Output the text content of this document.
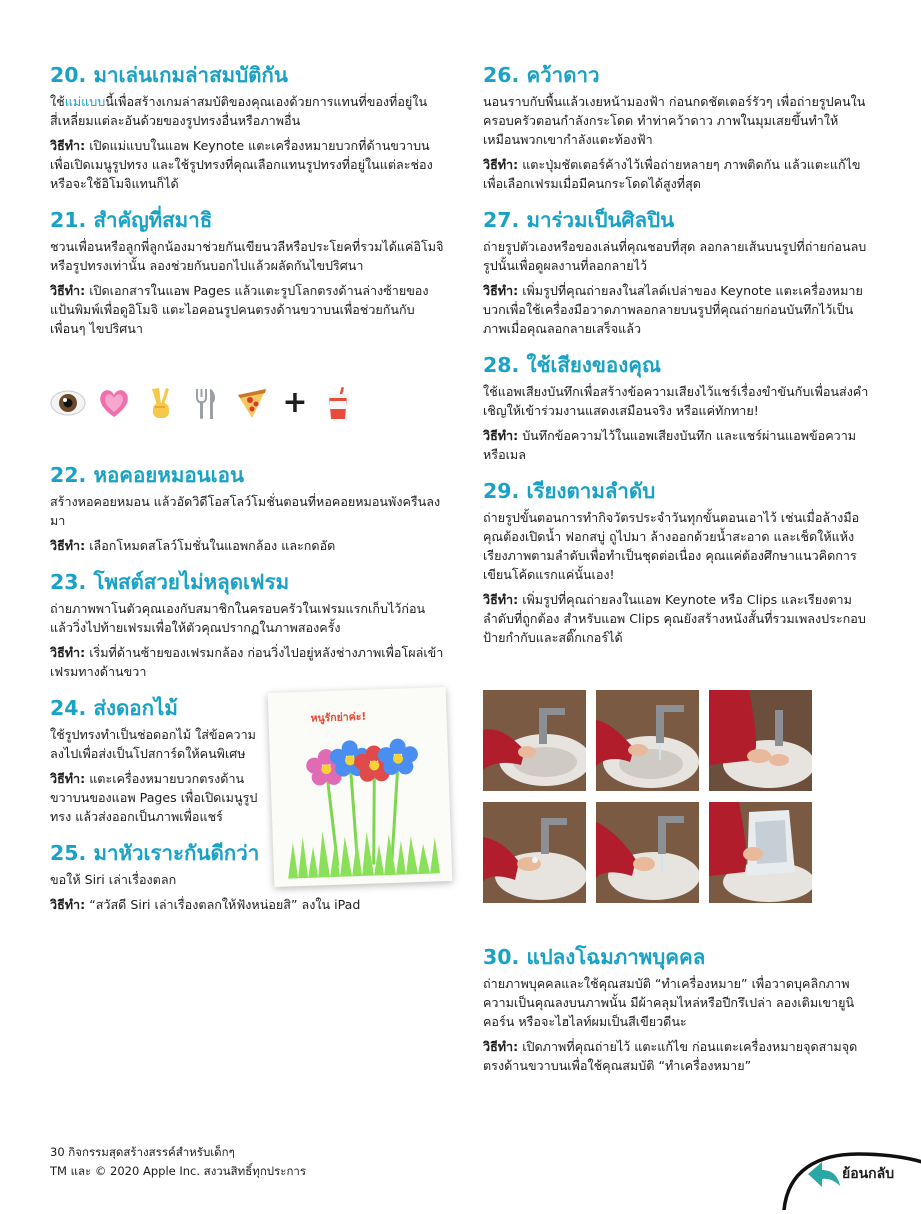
20. มาเล่นเกมล่าสมบัติกัน

ใช้แม่แบบนี้เพื่อสร้างเกมล่าสมบัติของคุณเองด้วยการแทนที่ของที่อยู่ในสี่เหลี่ยมแต่ละอันด้วยของรูปทรงอื่นหรือภาพอื่น

วิธีทำ: เปิดแม่แบบในแอพ Keynote แตะเครื่องหมายบวกที่ด้านขวาบนเพื่อเปิดเมนูรูปทรง และใช้รูปทรงที่คุณเลือกแทนรูปทรงที่อยู่ในแต่ละช่องหรือจะใช้อิโมจิแทนก็ได้

21. สำคัญที่สมาธิ

ชวนเพื่อนหรือลูกพี่ลูกน้องมาช่วยกันเขียนวลีหรือประโยคที่รวมได้แค่อิโมจิหรือรูปทรงเท่านั้น ลองช่วยกันบอกไปแล้วผลัดกันไขปริศนา

วิธีทำ: เปิดเอกสารในแอพ Pages แล้วแตะรูปโลกตรงด้านล่างซ้ายของแป้นพิมพ์เพื่อดูอิโมจิ แตะไอคอนรูปคนตรงด้านขวาบนเพื่อช่วยกันกับเพื่อนๆ ไขปริศนา

22. หอคอยหมอนเอน

สร้างหอคอยหมอน แล้วอัดวิดีโอสโลว์โมชั่นตอนที่หอคอยหมอนพังครืนลงมา

วิธีทำ: เลือกโหมดสโลว์โมชั่นในแอพกล้อง และกดอัด

23. โพสต์สวยไม่หลุดเฟรม

ถ่ายภาพพาโนตัวคุณเองกับสมาชิกในครอบครัวในเฟรมแรกเก็บไว้ก่อน แล้ววิ่งไปท้ายเฟรมเพื่อให้ตัวคุณปรากฏในภาพสองครั้ง

วิธีทำ: เริ่มที่ด้านซ้ายของเฟรมกล้อง ก่อนวิ่งไปอยู่หลังช่างภาพเพื่อโผล่เข้าเฟรมทางด้านขวา

24. ส่งดอกไม้

ใช้รูปทรงทำเป็นช่อดอกไม้ ใส่ข้อความลงไปเพื่อส่งเป็นโปสการ์ดให้คนพิเศษ

วิธีทำ: แตะเครื่องหมายบวกตรงด้านขวาบนของแอพ Pages เพื่อเปิดเมนูรูปทรง แล้วส่งออกเป็นภาพเพื่อแชร์

25. มาหัวเราะกันดีกว่า

ขอให้ Siri เล่าเรื่องตลก

วิธีทำ: “สวัสดี Siri เล่าเรื่องตลกให้ฟังหน่อยสิ” ลงใน iPad

+
หนูรักย่าค่ะ!
26. คว้าดาว

นอนราบกับพื้นแล้วเงยหน้ามองฟ้า ก่อนกดชัตเตอร์รัวๆ เพื่อถ่ายรูปคนในครอบครัวตอนกำลังกระโดด ทำท่าคว้าดาว ภาพในมุมเสยขึ้นทำให้เหมือนพวกเขากำลังแตะท้องฟ้า

วิธีทำ: แตะปุ่มชัตเตอร์ค้างไว้เพื่อถ่ายหลายๆ ภาพติดกัน แล้วแตะแก้ไขเพื่อเลือกเฟรมเมื่อมีคนกระโดดได้สูงที่สุด

27. มาร่วมเป็นศิลปิน

ถ่ายรูปตัวเองหรือของเล่นที่คุณชอบที่สุด ลอกลายเส้นบนรูปที่ถ่ายก่อนลบรูปนั้นเพื่อดูผลงานที่ลอกลายไว้

วิธีทำ: เพิ่มรูปที่คุณถ่ายลงในสไลด์เปล่าของ Keynote แตะเครื่องหมายบวกเพื่อใช้เครื่องมือวาดภาพลอกลายบนรูปที่คุณถ่ายก่อนบันทึกไว้เป็นภาพเมื่อคุณลอกลายเสร็จแล้ว

28. ใช้เสียงของคุณ

ใช้แอพเสียงบันทึกเพื่อสร้างข้อความเสียงไว้แชร์เรื่องขำขันกับเพื่อนส่งคำเชิญให้เข้าร่วมงานแสดงเสมือนจริง หรือแค่ทักทาย!

วิธีทำ: บันทึกข้อความไว้ในแอพเสียงบันทึก และแชร์ผ่านแอพข้อความหรือเมล

29. เรียงตามลำดับ

ถ่ายรูปขั้นตอนการทำกิจวัตรประจำวันทุกขั้นตอนเอาไว้ เช่นเมื่อล้างมือ คุณต้องเปิดน้ำ ฟอกสบู่ ถูไปมา ล้างออกด้วยน้ำสะอาด และเช็ดให้แห้ง เรียงภาพตามลำดับเพื่อทำเป็นชุดต่อเนื่อง คุณแค่ต้องศึกษาแนวคิดการเขียนโค้ดแรกแค่นั้นเอง!

วิธีทำ: เพิ่มรูปที่คุณถ่ายลงในแอพ Keynote หรือ Clips และเรียงตามลำดับที่ถูกต้อง สำหรับแอพ Clips คุณยังสร้างหนังสั้นที่รวมเพลงประกอบ ป้ายกำกับและสติ๊กเกอร์ได้

30. แปลงโฉมภาพบุคคล

ถ่ายภาพบุคคลและใช้คุณสมบัติ “ทำเครื่องหมาย” เพื่อวาดบุคลิกภาพความเป็นคุณลงบนภาพนั้น มีผ้าคลุมไหล่หรือปีกรึเปล่า ลองเติมเขายูนิคอร์น หรือจะไฮไลท์ผมเป็นสีเขียวดีนะ

วิธีทำ: เปิดภาพที่คุณถ่ายไว้ แตะแก้ไข ก่อนแตะเครื่องหมายจุดสามจุดตรงด้านขวาบนเพื่อใช้คุณสมบัติ “ทำเครื่องหมาย”

30 กิจกรรมสุดสร้างสรรค์สำหรับเด็กๆ
TM และ © 2020 Apple Inc. สงวนสิทธิ์ทุกประการ	ย้อนกลับ
